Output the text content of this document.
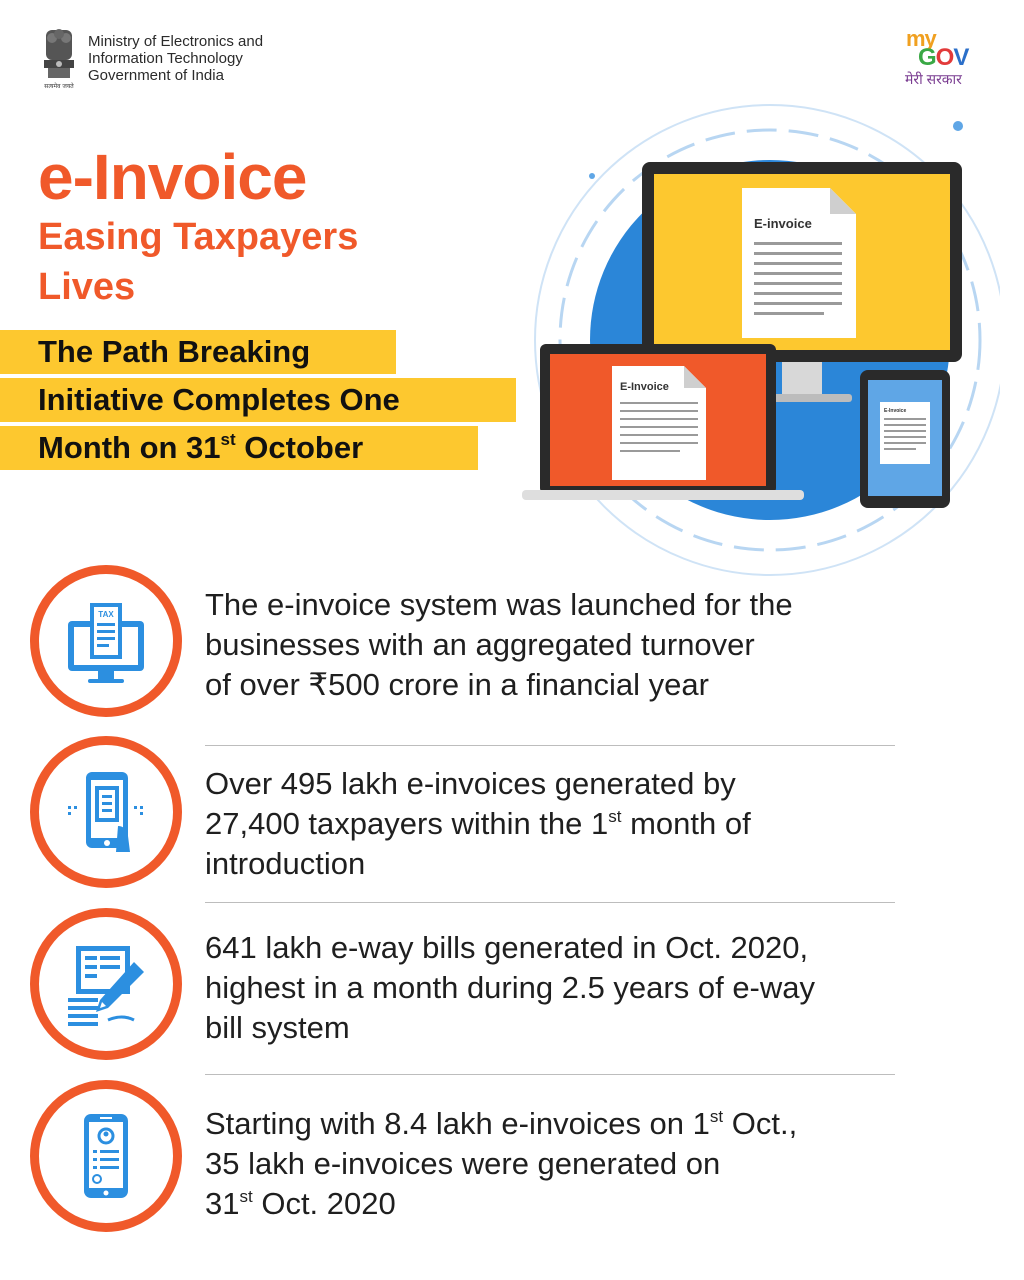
सत्यमेव जयते
Ministry of Electronics and
Information Technology
Government of India
my
GOV
मेरी सरकार
e-Invoice
Easing Taxpayers
Lives
The Path Breaking
Initiative Completes One
Month on 31st October
E-invoice
E-Invoice
E-Invoice
TAX	The e-invoice system was launched for the
businesses with an aggregated turnover
of over ₹500 crore in a financial year
Over 495 lakh e-invoices generated by
27,400 taxpayers within the 1st month of
introduction
641 lakh e-way bills generated in Oct. 2020,
highest in a month during 2.5 years of e-way
bill system
Starting with 8.4 lakh e-invoices on 1st Oct.,
35 lakh e-invoices were generated on
31st Oct. 2020
